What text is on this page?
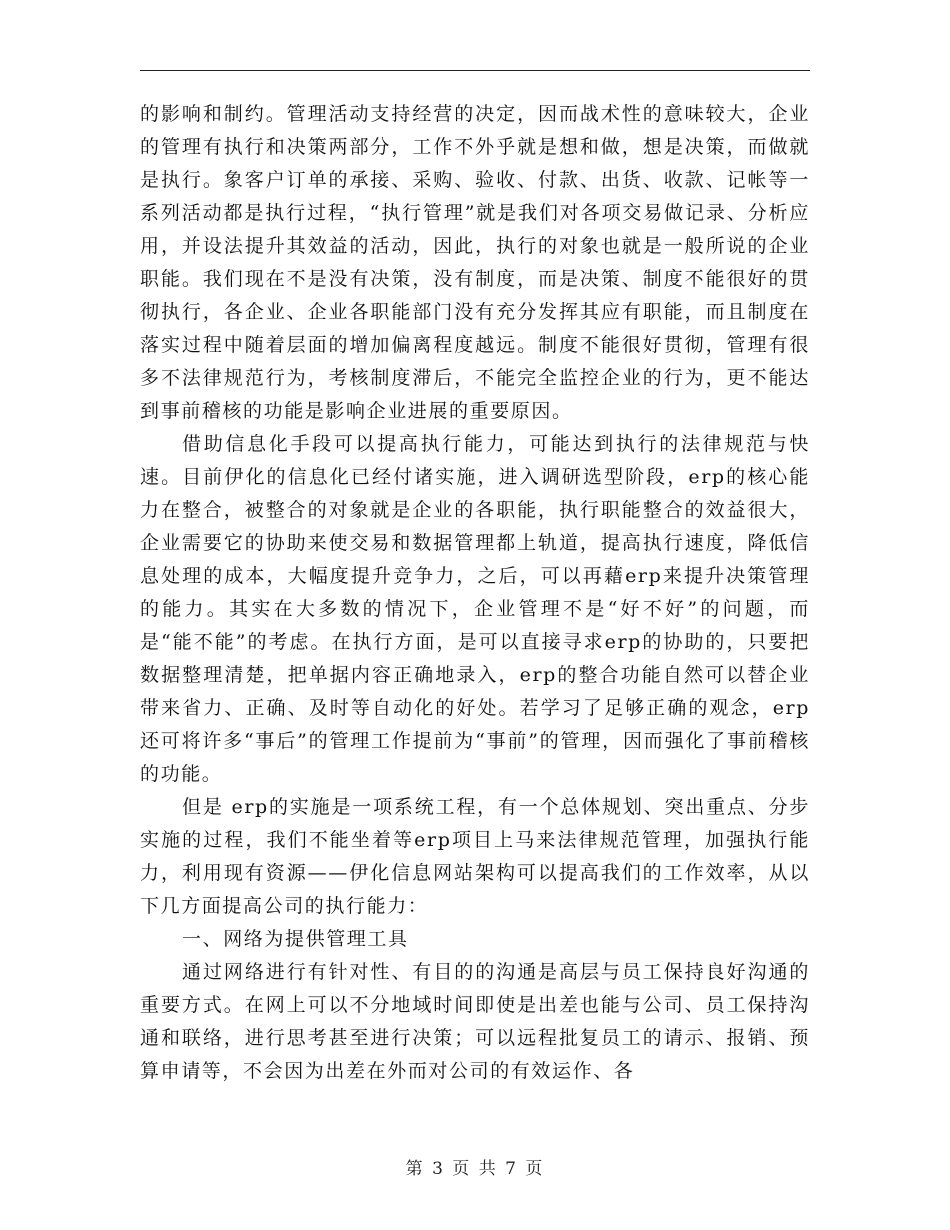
的影响和制约。管理活动支持经营的决定，因而战术性的意味较大，企业的管理有执行和决策两部分，工作不外乎就是想和做，想是决策，而做就是执行。象客户订单的承接、采购、验收、付款、出货、收款、记帐等一系列活动都是执行过程，“执行管理”就是我们对各项交易做记录、分析应用，并设法提升其效益的活动，因此，执行的对象也就是一般所说的企业职能。我们现在不是没有决策，没有制度，而是决策、制度不能很好的贯彻执行，各企业、企业各职能部门没有充分发挥其应有职能，而且制度在落实过程中随着层面的增加偏离程度越远。制度不能很好贯彻，管理有很多不法律规范行为，考核制度滞后，不能完全监控企业的行为，更不能达到事前稽核的功能是影响企业进展的重要原因。

借助信息化手段可以提高执行能力，可能达到执行的法律规范与快速。目前伊化的信息化已经付诸实施，进入调研选型阶段，erp的核心能力在整合，被整合的对象就是企业的各职能，执行职能整合的效益很大，企业需要它的协助来使交易和数据管理都上轨道，提高执行速度，降低信息处理的成本，大幅度提升竞争力，之后，可以再藉erp来提升决策管理的能力。其实在大多数的情况下，企业管理不是“好不好”的问题，而是“能不能”的考虑。在执行方面，是可以直接寻求erp的协助的，只要把数据整理清楚，把单据内容正确地录入，erp的整合功能自然可以替企业带来省力、正确、及时等自动化的好处。若学习了足够正确的观念，erp还可将许多“事后”的管理工作提前为“事前”的管理，因而强化了事前稽核的功能。

但是 erp的实施是一项系统工程，有一个总体规划、突出重点、分步实施的过程，我们不能坐着等erp项目上马来法律规范管理，加强执行能力，利用现有资源——伊化信息网站架构可以提高我们的工作效率，从以下几方面提高公司的执行能力：

一、网络为提供管理工具

通过网络进行有针对性、有目的的沟通是高层与员工保持良好沟通的重要方式。在网上可以不分地域时间即使是出差也能与公司、员工保持沟通和联络，进行思考甚至进行决策；可以远程批复员工的请示、报销、预算申请等，不会因为出差在外而对公司的有效运作、各

第 3 页 共 7 页
